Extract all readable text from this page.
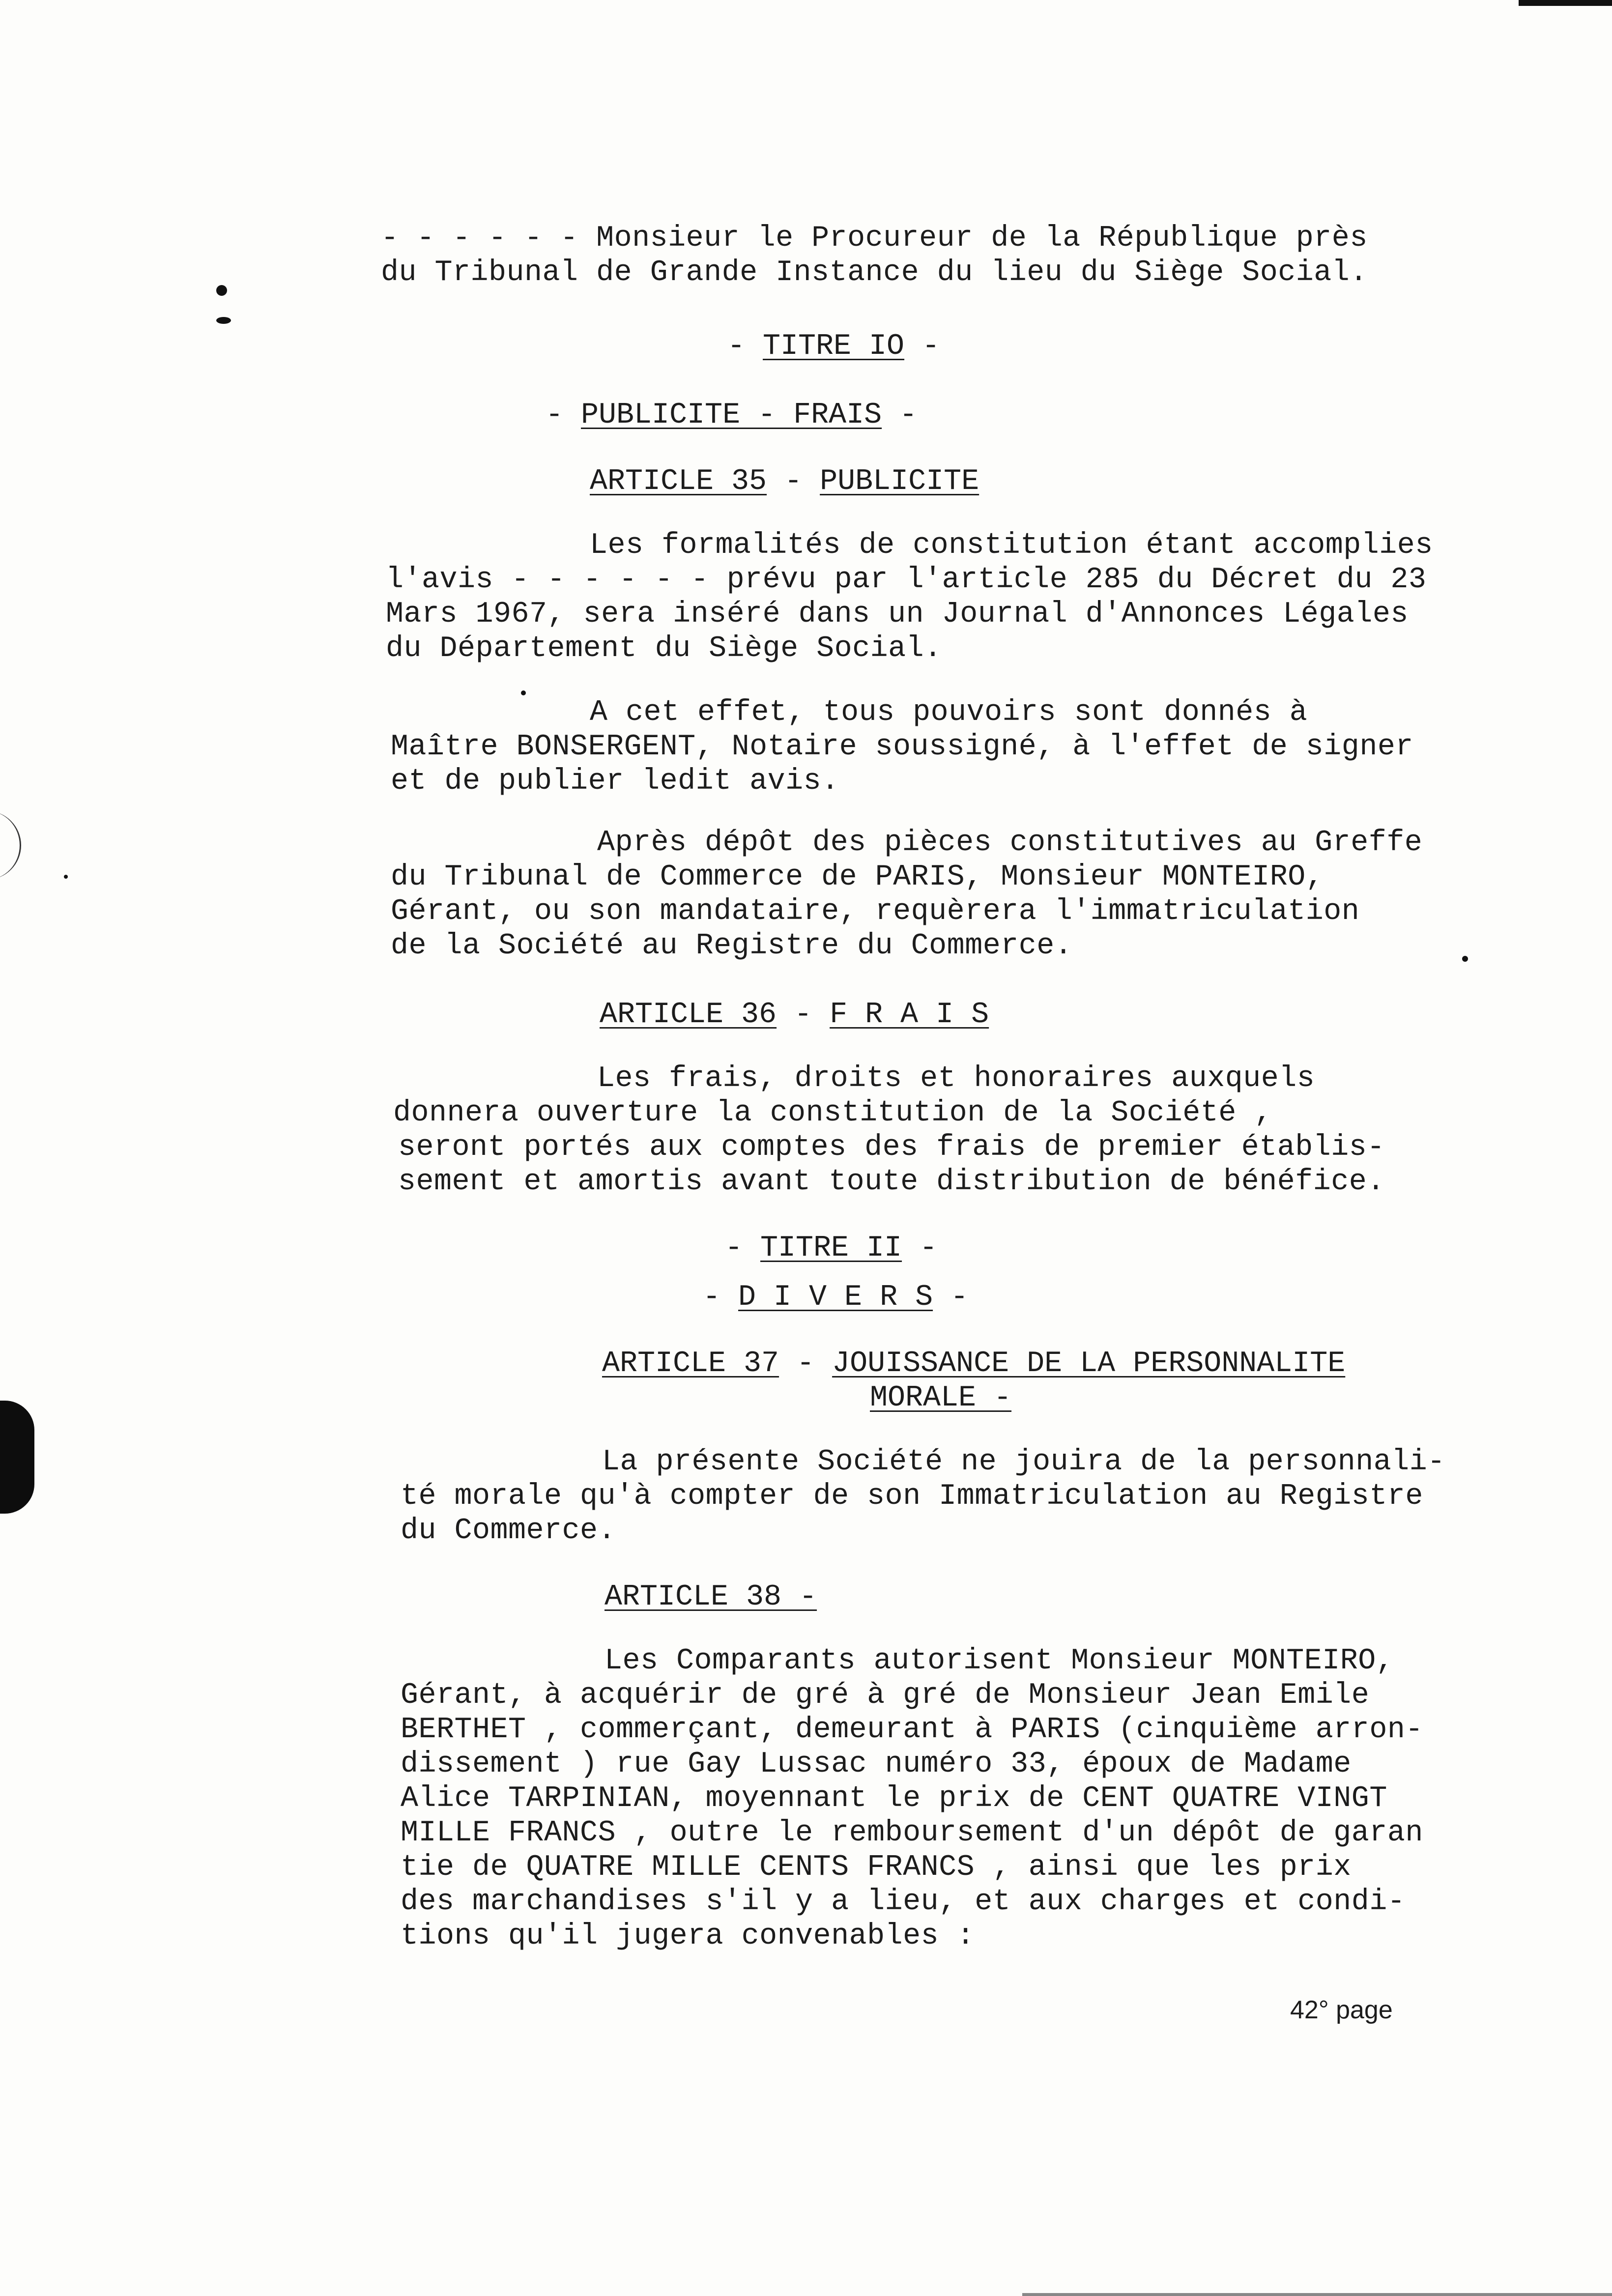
- - - - - - Monsieur le Procureur de la République près
du Tribunal de Grande Instance du lieu du Siège Social.
- TITRE IO -
- PUBLICITE - FRAIS -
ARTICLE 35 - PUBLICITE
Les formalités de constitution étant accomplies
l'avis - - - - - - prévu par l'article 285 du Décret du 23
Mars 1967, sera inséré dans un Journal d'Annonces Légales
du Département du Siège Social.
A cet effet, tous pouvoirs sont donnés à
Maître BONSERGENT, Notaire soussigné, à l'effet de signer
et de publier ledit avis.
Après dépôt des pièces constitutives au Greffe
du Tribunal de Commerce de PARIS, Monsieur MONTEIRO,
Gérant, ou son mandataire, requèrera l'immatriculation
de la Société au Registre du Commerce.
ARTICLE 36 - F R A I S
Les frais, droits et honoraires auxquels
donnera ouverture la constitution de la Société ,
seront portés aux comptes des frais de premier établis-
sement et amortis avant toute distribution de bénéfice.
- TITRE II -
- D I V E R S -
ARTICLE 37 - JOUISSANCE DE LA PERSONNALITE
MORALE -
La présente Société ne jouira de la personnali-
té morale qu'à compter de son Immatriculation au Registre
du Commerce.
ARTICLE 38 -
Les Comparants autorisent Monsieur MONTEIRO,
Gérant, à acquérir de gré à gré de Monsieur Jean Emile
BERTHET , commerçant, demeurant à PARIS (cinquième arron-
dissement ) rue Gay Lussac numéro 33, époux de Madame
Alice TARPINIAN, moyennant le prix de CENT QUATRE VINGT
MILLE FRANCS , outre le remboursement d'un dépôt de garan
tie de QUATRE MILLE CENTS FRANCS , ainsi que les prix
des marchandises s'il y a lieu, et aux charges et condi-
tions qu'il jugera convenables :
42° page
